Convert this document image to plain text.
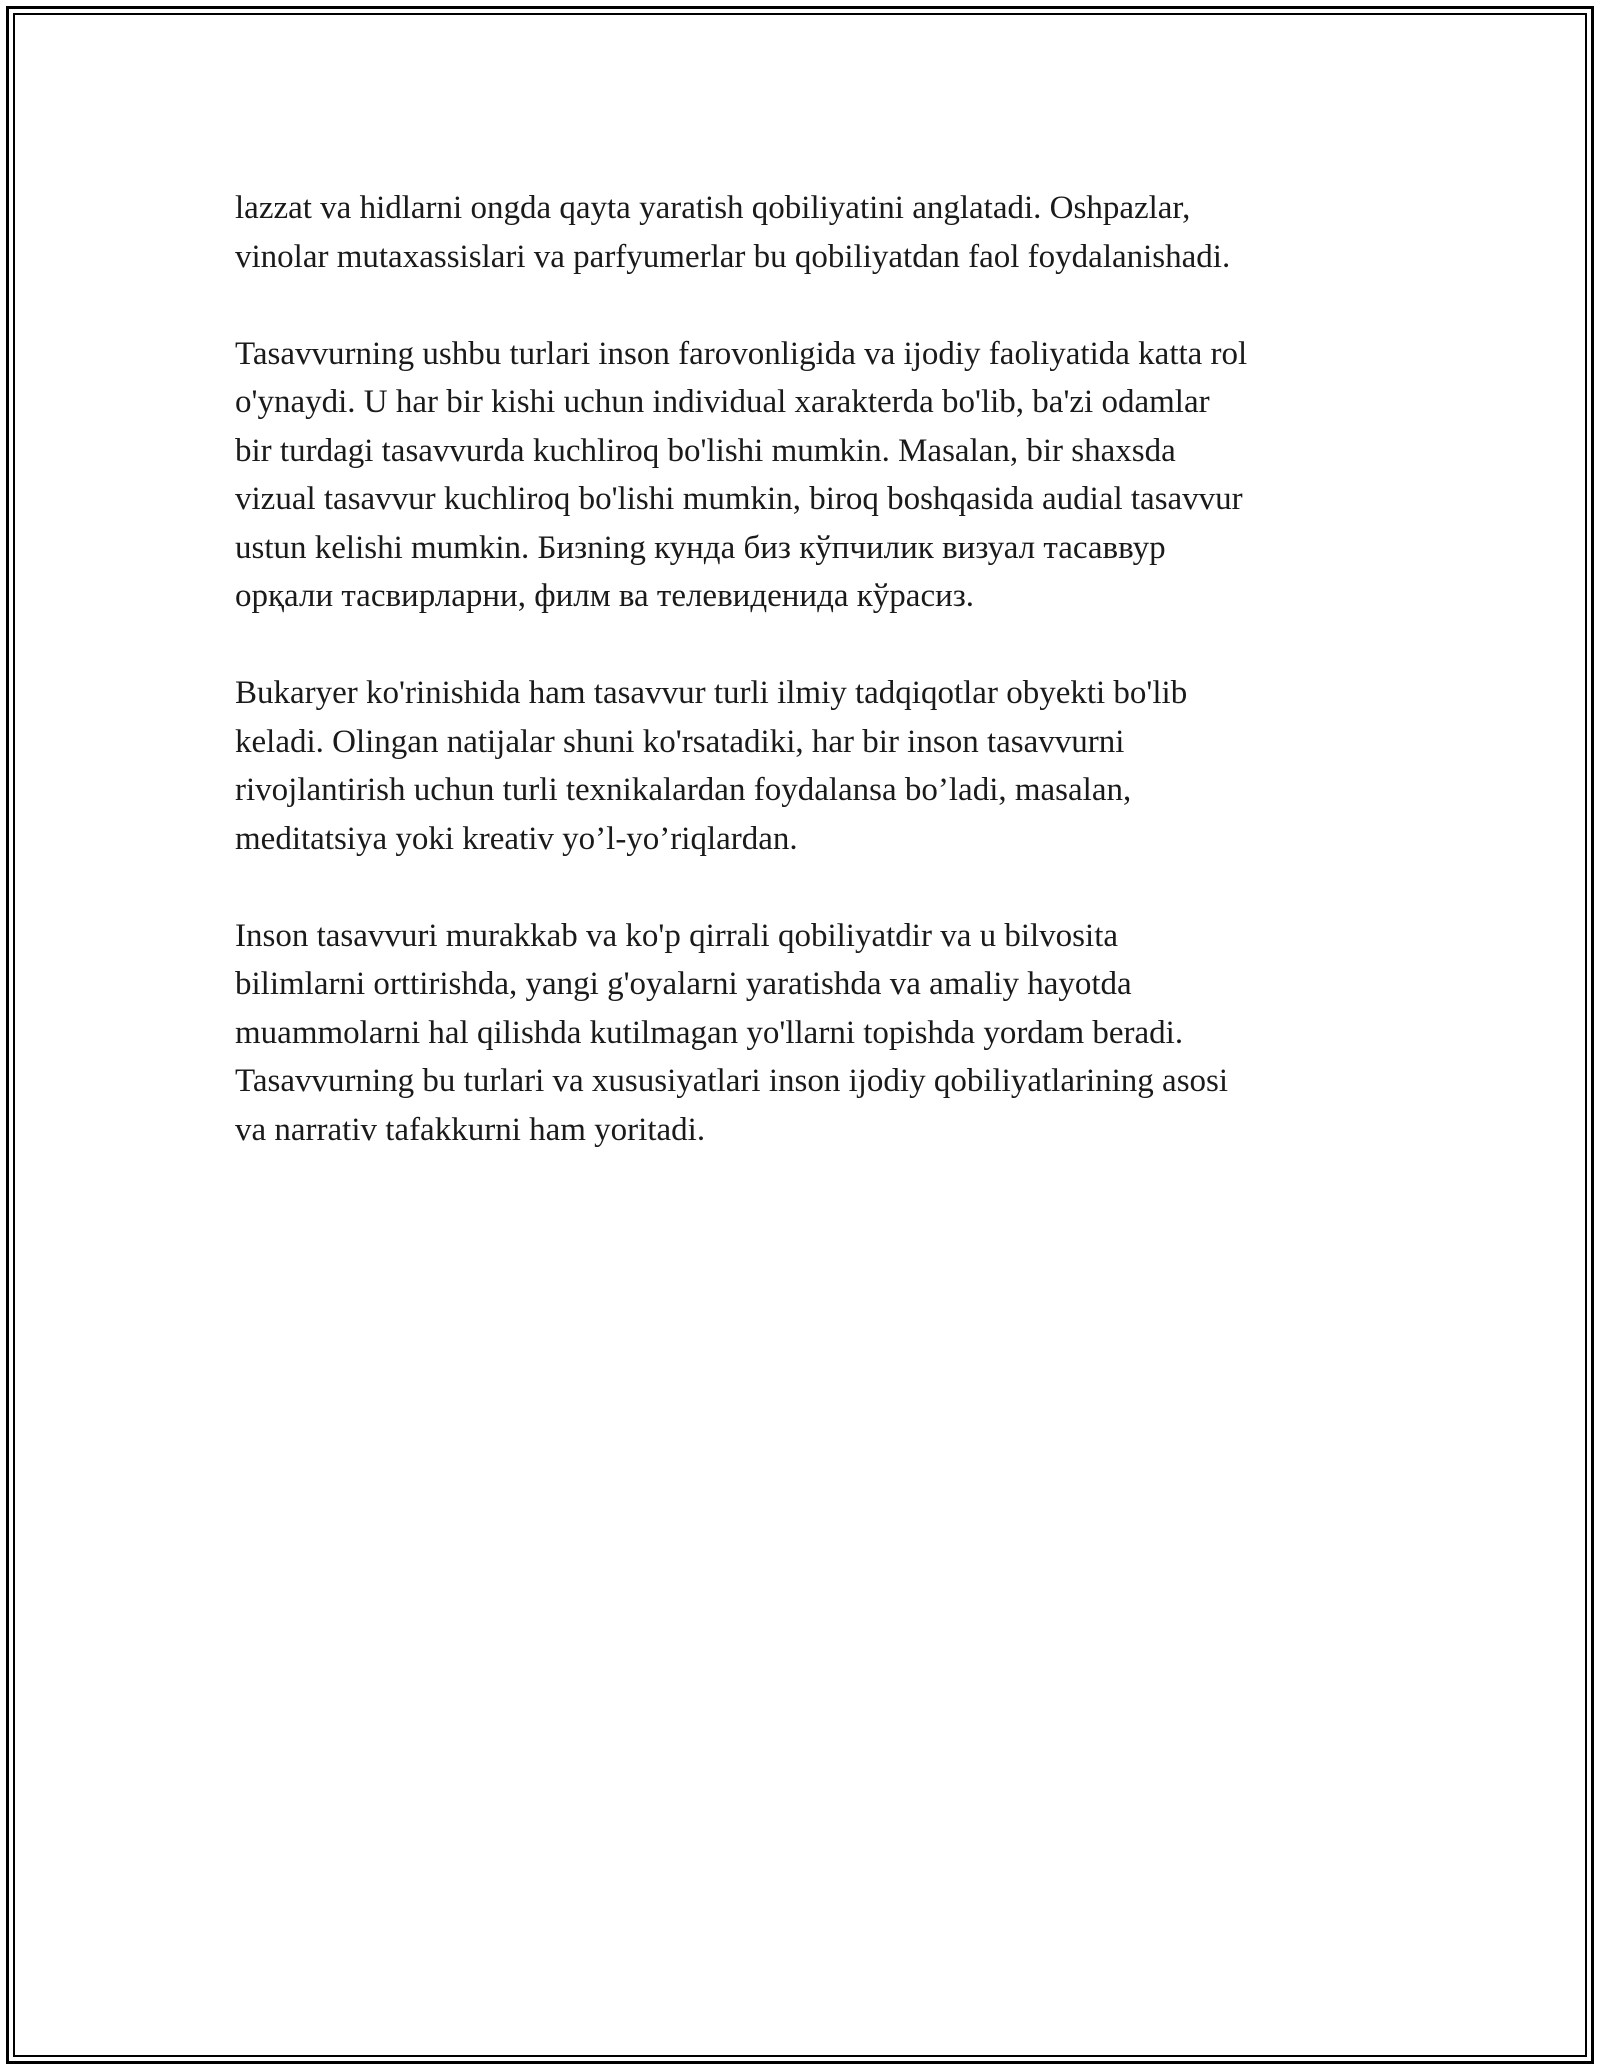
lazzat va hidlarni ongda qayta yaratish qobiliyatini anglatadi. Oshpazlar,
vinolar mutaxassislari va parfyumerlar bu qobiliyatdan faol foydalanishadi.

Tasavvurning ushbu turlari inson farovonligida va ijodiy faoliyatida katta rol
o'ynaydi. U har bir kishi uchun individual xarakterda bo'lib, ba'zi odamlar
bir turdagi tasavvurda kuchliroq bo'lishi mumkin. Masalan, bir shaxsda
vizual tasavvur kuchliroq bo'lishi mumkin, biroq boshqasida audial tasavvur
ustun kelishi mumkin. Бизning кунда биз кўпчилик визуал тасаввур
орқали тасвирларни, филм ва телевиденида кўрасиз.

Bukaryer ko'rinishida ham tasavvur turli ilmiy tadqiqotlar obyekti bo'lib
keladi. Olingan natijalar shuni ko'rsatadiki, har bir inson tasavvurni
rivojlantirish uchun turli texnikalardan foydalansa bo’ladi, masalan,
meditatsiya yoki kreativ yo’l-yo’riqlardan.

Inson tasavvuri murakkab va ko'p qirrali qobiliyatdir va u bilvosita
bilimlarni orttirishda, yangi g'oyalarni yaratishda va amaliy hayotda
muammolarni hal qilishda kutilmagan yo'llarni topishda yordam beradi.
Tasavvurning bu turlari va xususiyatlari inson ijodiy qobiliyatlarining asosi
va narrativ tafakkurni ham yoritadi.
